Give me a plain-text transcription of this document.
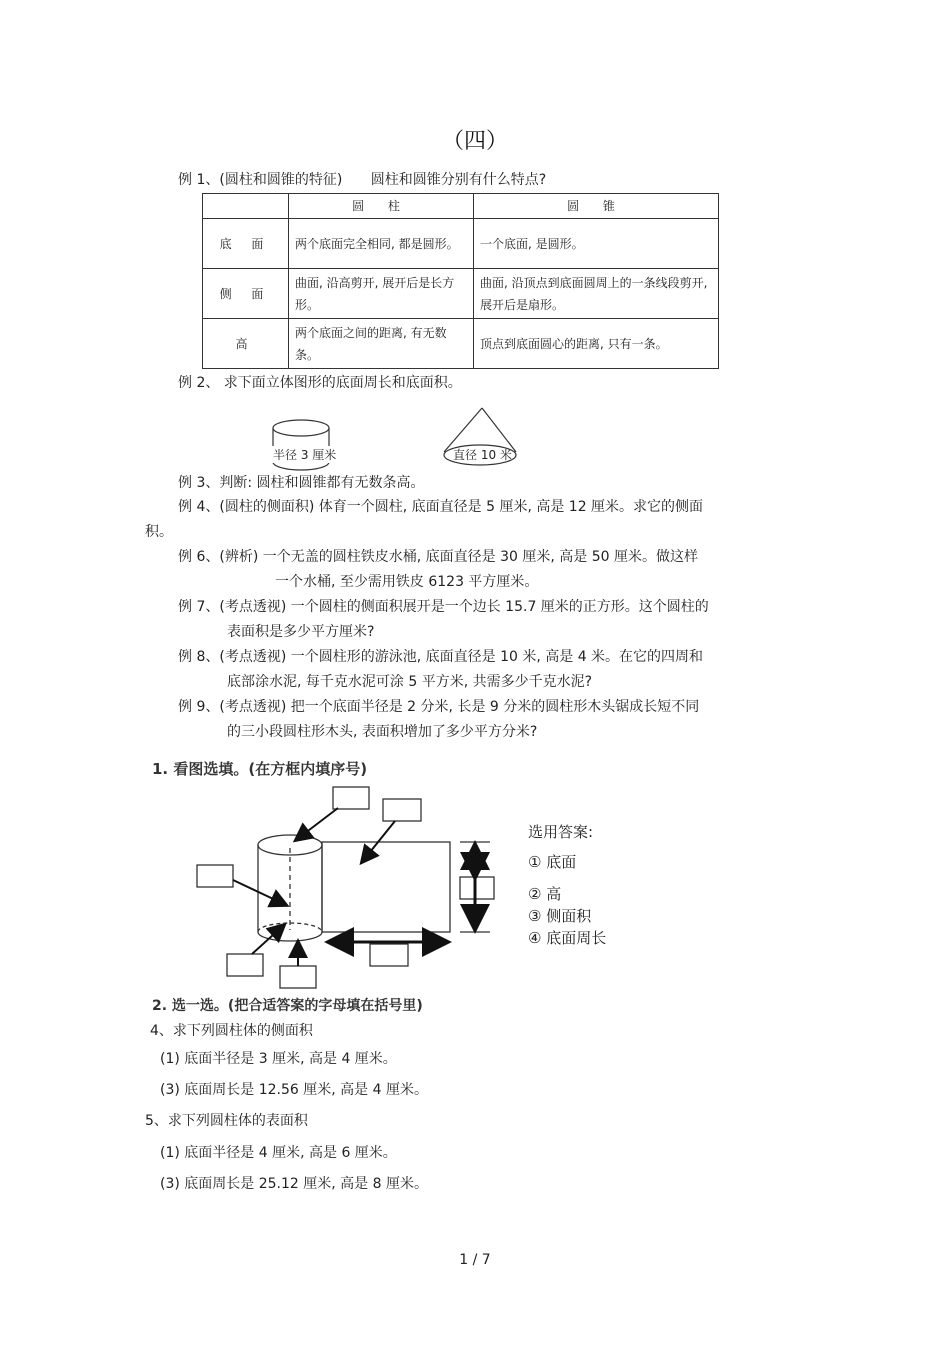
（四）
例 1、(圆柱和圆锥的特征) 圆柱和圆锥分别有什么特点?
	圆 柱	圆 锥
底 面	两个底面完全相同, 都是圆形。	一个底面, 是圆形。
侧 面	曲面, 沿高剪开, 展开后是长方形。	曲面, 沿顶点到底面圆周上的一条线段剪开, 展开后是扇形。
高	两个底面之间的距离, 有无数条。	顶点到底面圆心的距离, 只有一条。
例 2、 求下面立体图形的底面周长和底面积。
半径 3 厘米	直径 10 米
例 3、判断: 圆柱和圆锥都有无数条高。
例 4、(圆柱的侧面积) 体育一个圆柱, 底面直径是 5 厘米, 高是 12 厘米。求它的侧面
积。
例 6、(辨析) 一个无盖的圆柱铁皮水桶, 底面直径是 30 厘米, 高是 50 厘米。做这样
一个水桶, 至少需用铁皮 6123 平方厘米。
例 7、(考点透视) 一个圆柱的侧面积展开是一个边长 15.7 厘米的正方形。这个圆柱的
表面积是多少平方厘米?
例 8、(考点透视) 一个圆柱形的游泳池, 底面直径是 10 米, 高是 4 米。在它的四周和
底部涂水泥, 每千克水泥可涂 5 平方米, 共需多少千克水泥?
例 9、(考点透视) 把一个底面半径是 2 分米, 长是 9 分米的圆柱形木头锯成长短不同
的三小段圆柱形木头, 表面积增加了多少平方分米?
1. 看图选填。(在方框内填序号)
选用答案:
① 底面
② 高
③ 侧面积
④ 底面周长
2. 选一选。(把合适答案的字母填在括号里)
4、求下列圆柱体的侧面积
(1) 底面半径是 3 厘米, 高是 4 厘米。
(3) 底面周长是 12.56 厘米, 高是 4 厘米。
5、求下列圆柱体的表面积
(1) 底面半径是 4 厘米, 高是 6 厘米。
(3) 底面周长是 25.12 厘米, 高是 8 厘米。
1 / 7
